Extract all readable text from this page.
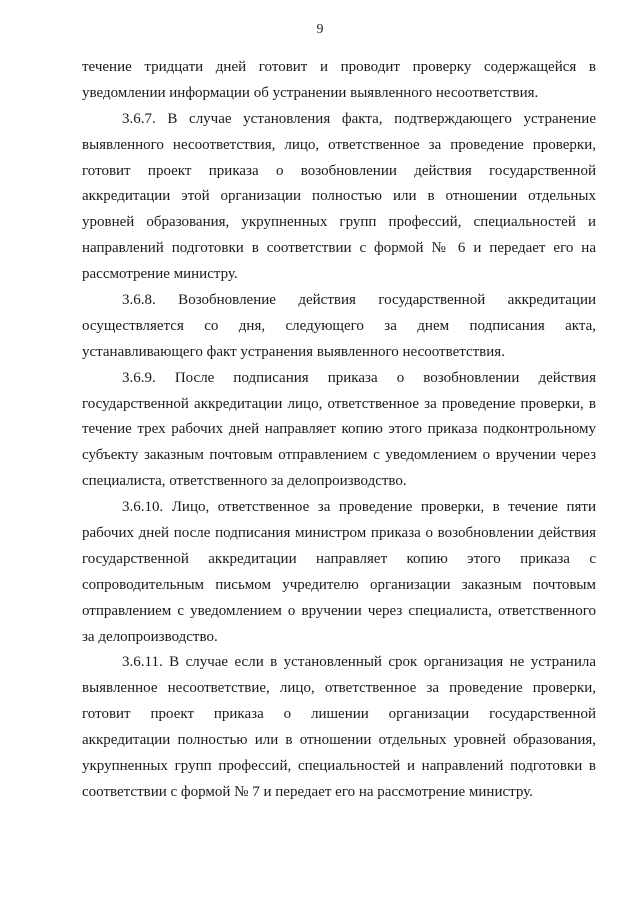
9
течение тридцати дней готовит и проводит проверку содержащейся в
уведомлении информации об устранении выявленного несоответствия.
3.6.7. В случае установления факта, подтверждающего устранение
выявленного несоответствия, лицо, ответственное за проведение проверки,
готовит проект приказа о возобновлении действия государственной
аккредитации этой организации полностью или в отношении отдельных
уровней образования, укрупненных групп профессий, специальностей и
направлений подготовки в соответствии с формой № 6 и передает его на
рассмотрение министру.
3.6.8. Возобновление действия государственной аккредитации
осуществляется со дня, следующего за днем подписания акта,
устанавливающего факт устранения выявленного несоответствия.
3.6.9. После подписания приказа о возобновлении действия
государственной аккредитации лицо, ответственное за проведение проверки, в
течение трех рабочих дней направляет копию этого приказа подконтрольному
субъекту заказным почтовым отправлением с уведомлением о вручении через
специалиста, ответственного за делопроизводство.
3.6.10. Лицо, ответственное за проведение проверки, в течение пяти
рабочих дней после подписания министром приказа о возобновлении действия
государственной аккредитации направляет копию этого приказа с
сопроводительным письмом учредителю организации заказным почтовым
отправлением с уведомлением о вручении через специалиста, ответственного
за делопроизводство.
3.6.11. В случае если в установленный срок организация не устранила
выявленное несоответствие, лицо, ответственное за проведение проверки,
готовит проект приказа о лишении организации государственной
аккредитации полностью или в отношении отдельных уровней образования,
укрупненных групп профессий, специальностей и направлений подготовки в
соответствии с формой № 7 и передает его на рассмотрение министру.
